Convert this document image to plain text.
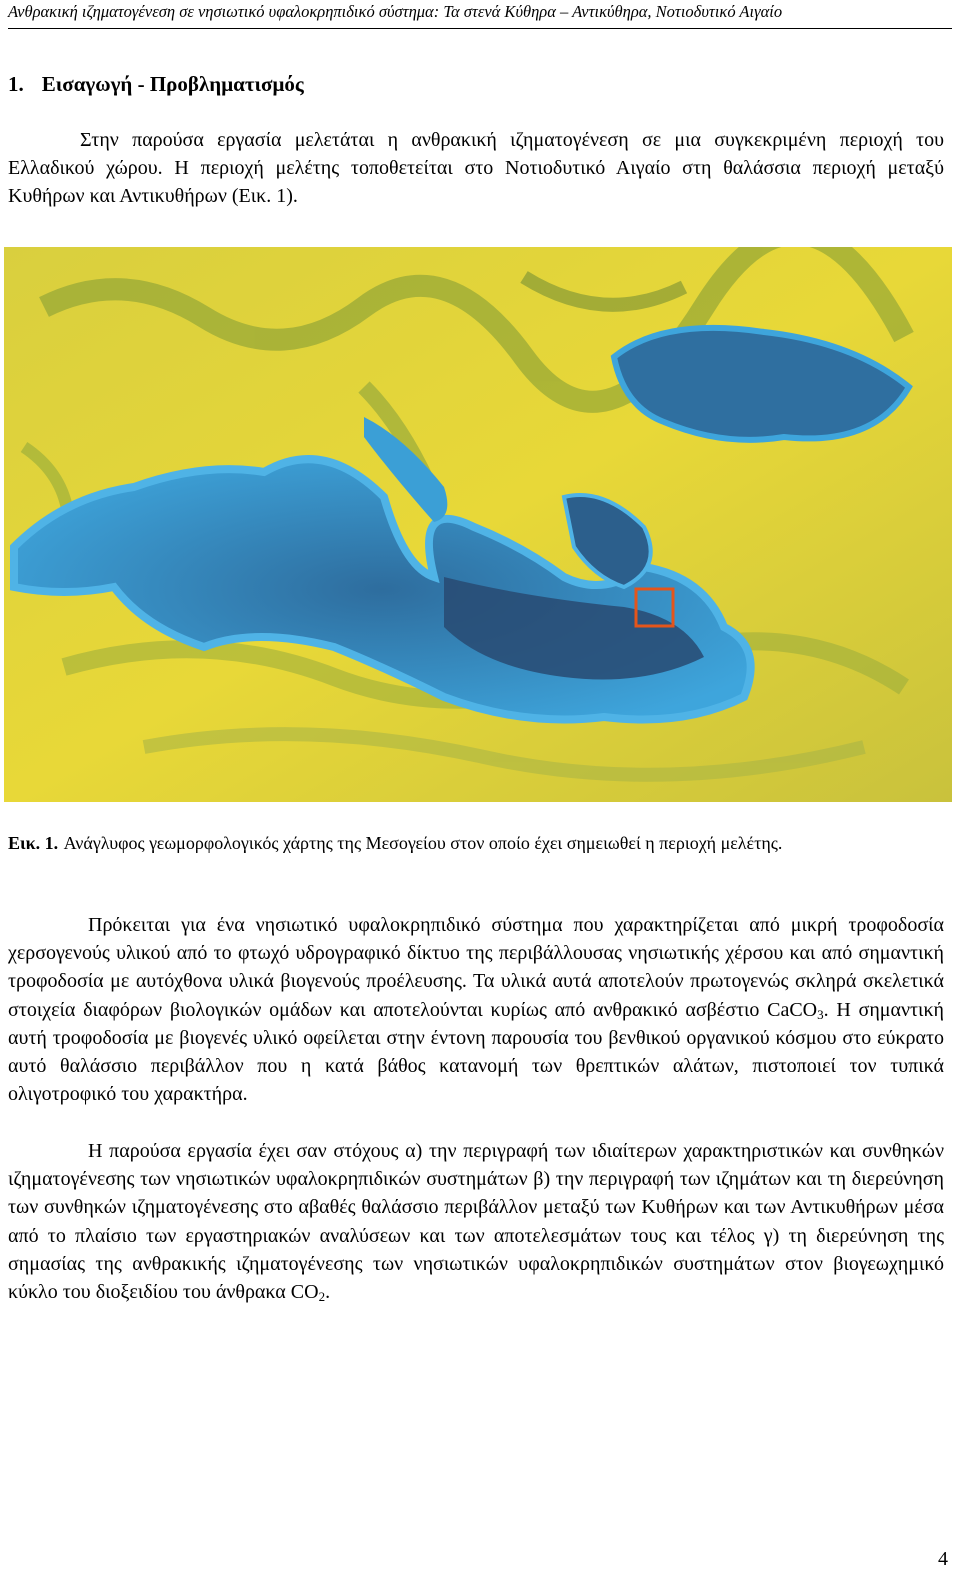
Ανθρακική ιζηματογένεση σε νησιωτικό υφαλοκρηπιδικό σύστημα: Τα στενά Κύθηρα – Αντικύθηρα, Νοτιοδυτικό Αιγαίο
1. Εισαγωγή - Προβληματισμός
Στην παρούσα εργασία μελετάται η ανθρακική ιζηματογένεση σε μια συγκεκριμένη περιοχή του Ελλαδικού χώρου. Η περιοχή μελέτης τοποθετείται στο Νοτιοδυτικό Αιγαίο στη θαλάσσια περιοχή μεταξύ Κυθήρων και Αντικυθήρων (Εικ. 1).
Εικ. 1. Ανάγλυφος γεωμορφολογικός χάρτης της Μεσογείου στον οποίο έχει σημειωθεί η περιοχή μελέτης.
Πρόκειται για ένα νησιωτικό υφαλοκρηπιδικό σύστημα που χαρακτηρίζεται από μικρή τροφοδοσία χερσογενούς υλικού από το φτωχό υδρογραφικό δίκτυο της περιβάλλουσας νησιωτικής χέρσου και από σημαντική τροφοδοσία με αυτόχθονα υλικά βιογενούς προέλευσης. Τα υλικά αυτά αποτελούν πρωτογενώς σκληρά σκελετικά στοιχεία διαφόρων βιολογικών ομάδων και αποτελούνται κυρίως από ανθρακικό ασβέστιο CaCO$_3$. Η σημαντική αυτή τροφοδοσία με βιογενές υλικό οφείλεται στην έντονη παρουσία του βενθικού οργανικού κόσμου στο εύκρατο αυτό θαλάσσιο περιβάλλον που η κατά βάθος κατανομή των θρεπτικών αλάτων, πιστοποιεί τον τυπικά ολιγοτροφικό του χαρακτήρα.
Η παρούσα εργασία έχει σαν στόχους α) την περιγραφή των ιδιαίτερων χαρακτηριστικών και συνθηκών ιζηματογένεσης των νησιωτικών υφαλοκρηπιδικών συστημάτων β) την περιγραφή των ιζημάτων και τη διερεύνηση των συνθηκών ιζηματογένεσης στο αβαθές θαλάσσιο περιβάλλον μεταξύ των Κυθήρων και των Αντικυθήρων μέσα από το πλαίσιο των εργαστηριακών αναλύσεων και των αποτελεσμάτων τους και τέλος γ) τη διερεύνηση της σημασίας της ανθρακικής ιζηματογένεσης των νησιωτικών υφαλοκρηπιδικών συστημάτων στον βιογεωχημικό κύκλο του διοξειδίου του άνθρακα $CO_2$.
4
